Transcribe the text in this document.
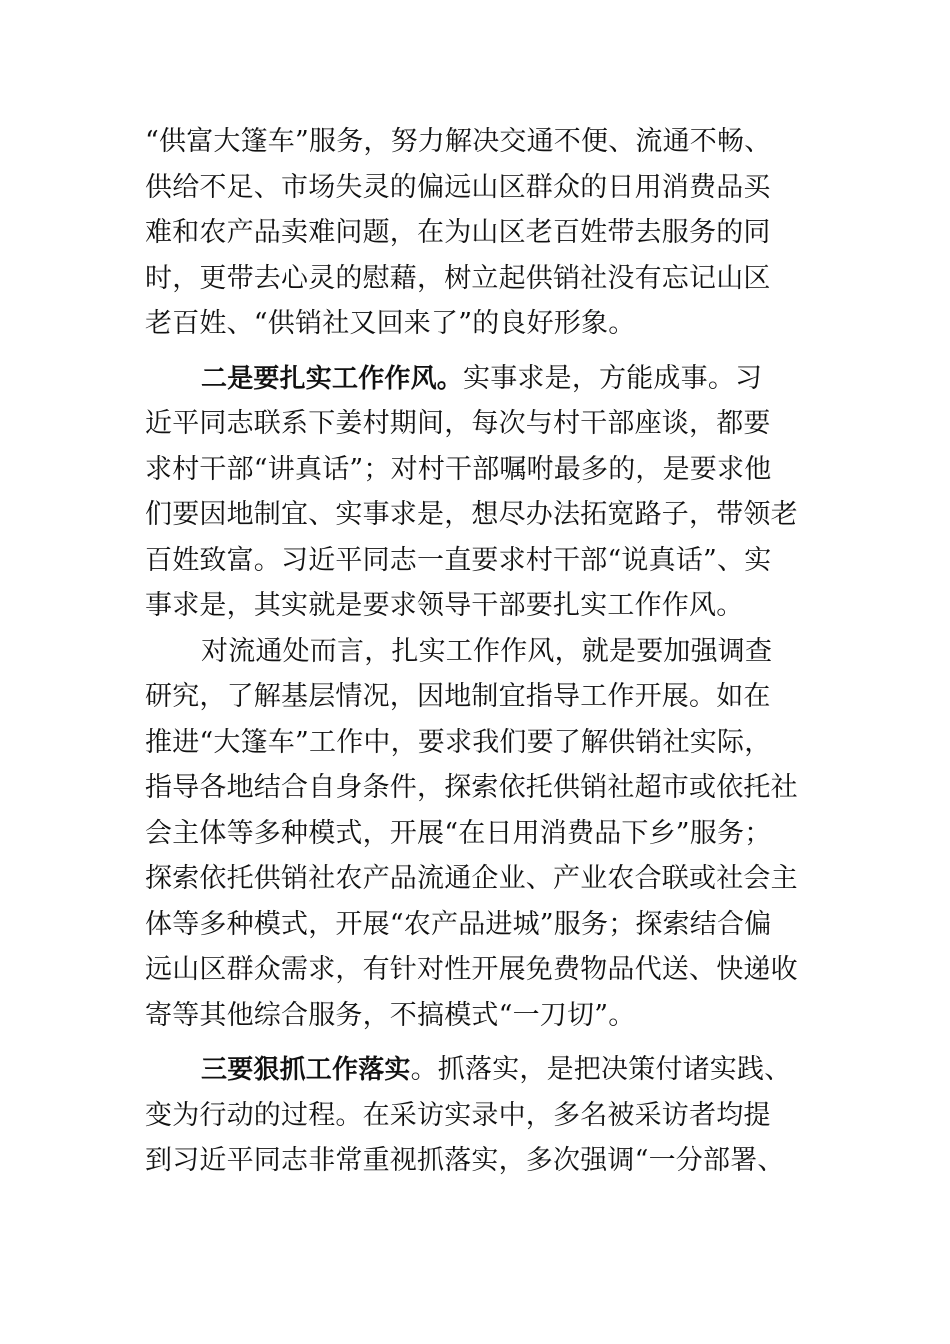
“供富大篷车”服务，努力解决交通不便、流通不畅、
供给不足、市场失灵的偏远山区群众的日用消费品买
难和农产品卖难问题，在为山区老百姓带去服务的同
时，更带去心灵的慰藉，树立起供销社没有忘记山区
老百姓、“供销社又回来了”的良好形象。
二是要扎实工作作风。实事求是，方能成事。习
近平同志联系下姜村期间，每次与村干部座谈，都要
求村干部“讲真话”；对村干部嘱咐最多的，是要求他
们要因地制宜、实事求是，想尽办法拓宽路子，带领老
百姓致富。习近平同志一直要求村干部“说真话”、实
事求是，其实就是要求领导干部要扎实工作作风。
对流通处而言，扎实工作作风，就是要加强调查
研究，了解基层情况，因地制宜指导工作开展。如在
推进“大篷车”工作中，要求我们要了解供销社实际，
指导各地结合自身条件，探索依托供销社超市或依托社
会主体等多种模式，开展“在日用消费品下乡”服务；
探索依托供销社农产品流通企业、产业农合联或社会主
体等多种模式，开展“农产品进城”服务；探索结合偏
远山区群众需求，有针对性开展免费物品代送、快递收
寄等其他综合服务，不搞模式“一刀切”。
三要狠抓工作落实。抓落实，是把决策付诸实践、
变为行动的过程。在采访实录中，多名被采访者均提
到习近平同志非常重视抓落实，多次强调“一分部署、
